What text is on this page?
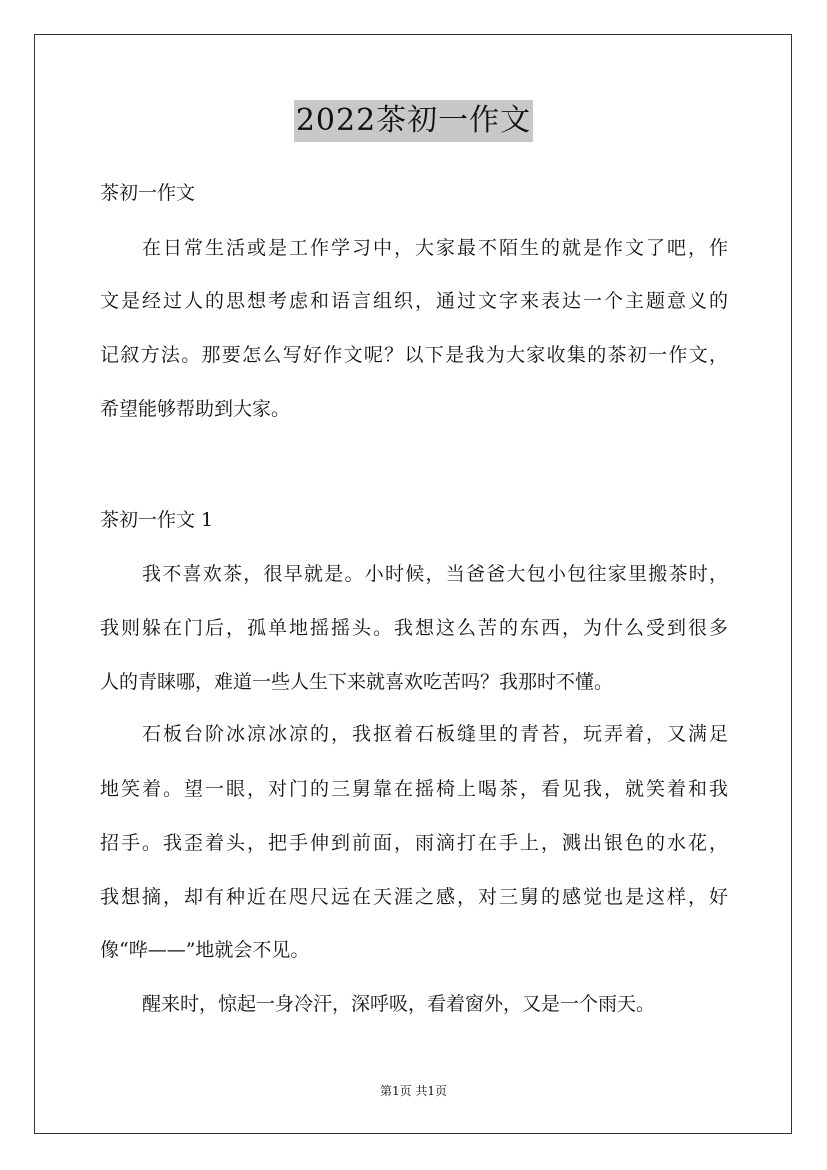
2022茶初一作文
茶初一作文

在日常生活或是工作学习中，大家最不陌生的就是作文了吧，作

文是经过人的思想考虑和语言组织，通过文字来表达一个主题意义的

记叙方法。那要怎么写好作文呢？以下是我为大家收集的茶初一作文，

希望能够帮助到大家。

茶初一作文 1

我不喜欢茶，很早就是。小时候，当爸爸大包小包往家里搬茶时，

我则躲在门后，孤单地摇摇头。我想这么苦的东西，为什么受到很多

人的青睐哪，难道一些人生下来就喜欢吃苦吗？我那时不懂。

石板台阶冰凉冰凉的，我抠着石板缝里的青苔，玩弄着，又满足

地笑着。望一眼，对门的三舅靠在摇椅上喝茶，看见我，就笑着和我

招手。我歪着头，把手伸到前面，雨滴打在手上，溅出银色的水花，

我想摘，却有种近在咫尺远在天涯之感，对三舅的感觉也是这样，好

像“哗——”地就会不见。

醒来时，惊起一身冷汗，深呼吸，看着窗外，又是一个雨天。

第1页 共1页
